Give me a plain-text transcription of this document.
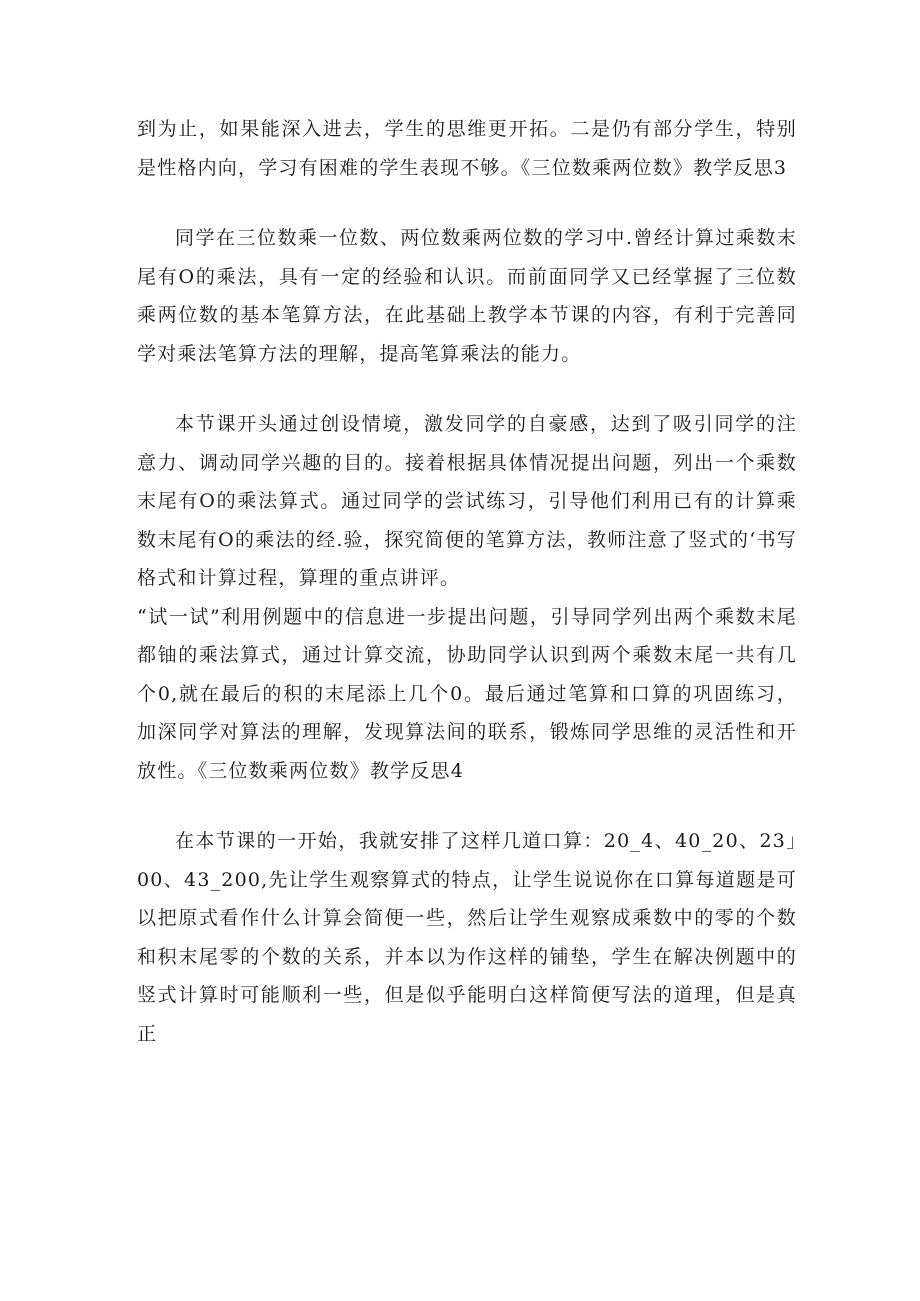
到为止，如果能深入进去，学生的思维更开拓。二是仍有部分学生，特别是性格内向，学习有困难的学生表现不够。《三位数乘两位数》教学反思3

同学在三位数乘一位数、两位数乘两位数的学习中.曾经计算过乘数末尾有O的乘法，具有一定的经验和认识。而前面同学又已经掌握了三位数乘两位数的基本笔算方法，在此基础上教学本节课的内容，有利于完善同学对乘法笔算方法的理解，提高笔算乘法的能力。

本节课开头通过创设情境，激发同学的自豪感，达到了吸引同学的注意力、调动同学兴趣的目的。接着根据具体情况提出问题，列出一个乘数末尾有O的乘法算式。通过同学的尝试练习，引导他们利用已有的计算乘数末尾有O的乘法的经.验，探究简便的笔算方法，教师注意了竖式的‘书写格式和计算过程，算理的重点讲评。

“试一试”利用例题中的信息进一步提出问题，引导同学列出两个乘数末尾都铀的乘法算式，通过计算交流，协助同学认识到两个乘数末尾一共有几个0,就在最后的积的末尾添上几个0。最后通过笔算和口算的巩固练习，加深同学对算法的理解，发现算法间的联系，锻炼同学思维的灵活性和开放性。《三位数乘两位数》教学反思4

在本节课的一开始，我就安排了这样几道口算：20_4、40_20、23」00、43_200,先让学生观察算式的特点，让学生说说你在口算每道题是可以把原式看作什么计算会简便一些，然后让学生观察成乘数中的零的个数和积末尾零的个数的关系，并本以为作这样的铺垫，学生在解决例题中的竖式计算时可能顺利一些，但是似乎能明白这样简便写法的道理，但是真正
